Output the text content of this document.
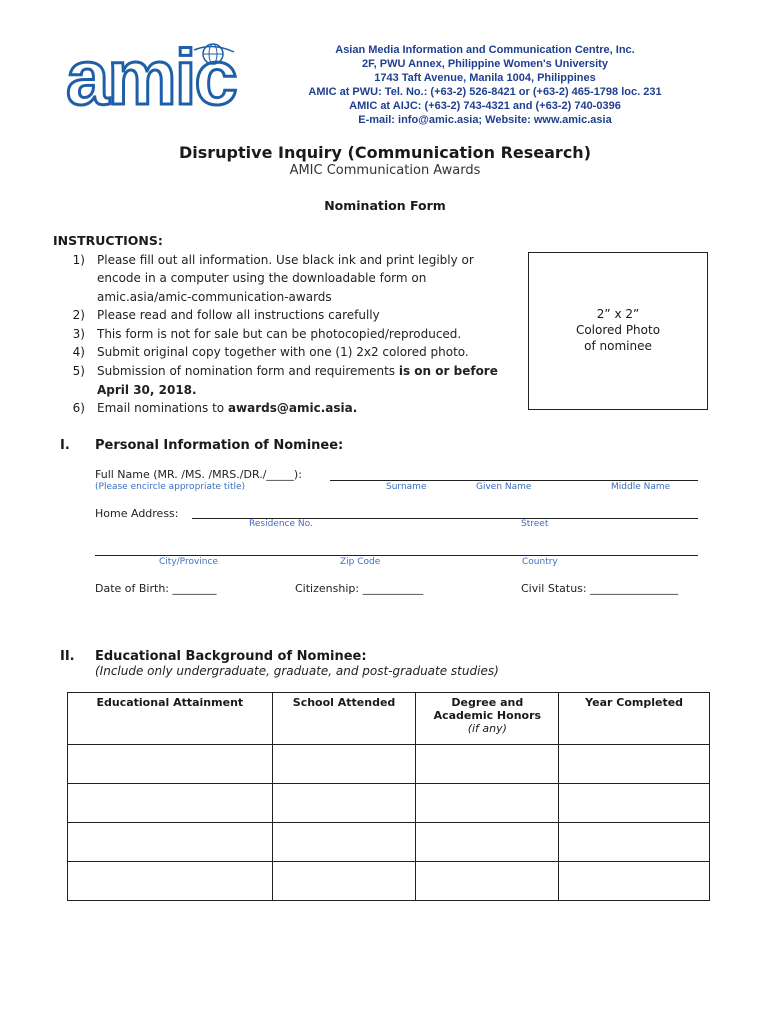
amic	Asian Media Information and Communication Centre, Inc.
2F, PWU Annex, Philippine Women's University
1743 Taft Avenue, Manila 1004, Philippines
AMIC at PWU: Tel. No.: (+63-2) 526-8421 or (+63-2) 465-1798 loc. 231
AMIC at AIJC: (+63-2) 743-4321 and (+63-2) 740-0396
E-mail: info@amic.asia; Website: www.amic.asia
Disruptive Inquiry (Communication Research)
AMIC Communication Awards
Nomination Form
INSTRUCTIONS:
1) Please fill out all information. Use black ink and print legibly or
encode in a computer using the downloadable form on
amic.asia/amic-communication-awards
2) Please read and follow all instructions carefully
3) This form is not for sale but can be photocopied/reproduced.
4) Submit original copy together with one (1) 2x2 colored photo.
5) Submission of nomination form and requirements is on or before
April 30, 2018.
6) Email nominations to awards@amic.asia.
2” x 2”
Colored Photo
of nominee
I. Personal Information of Nominee:
Full Name (MR. /MS. /MRS./DR./_____):
(Please encircle appropriate title)	Surname	Given Name	Middle Name
Home Address:
Residence No.	Street
City/Province	Zip Code	Country
Date of Birth: ________	Citizenship: ___________	Civil Status: ________________
II. Educational Background of Nominee:
(Include only undergraduate, graduate, and post-graduate studies)
Educational Attainment	School Attended	Degree and
Academic Honors
(if any)	Year Completed
